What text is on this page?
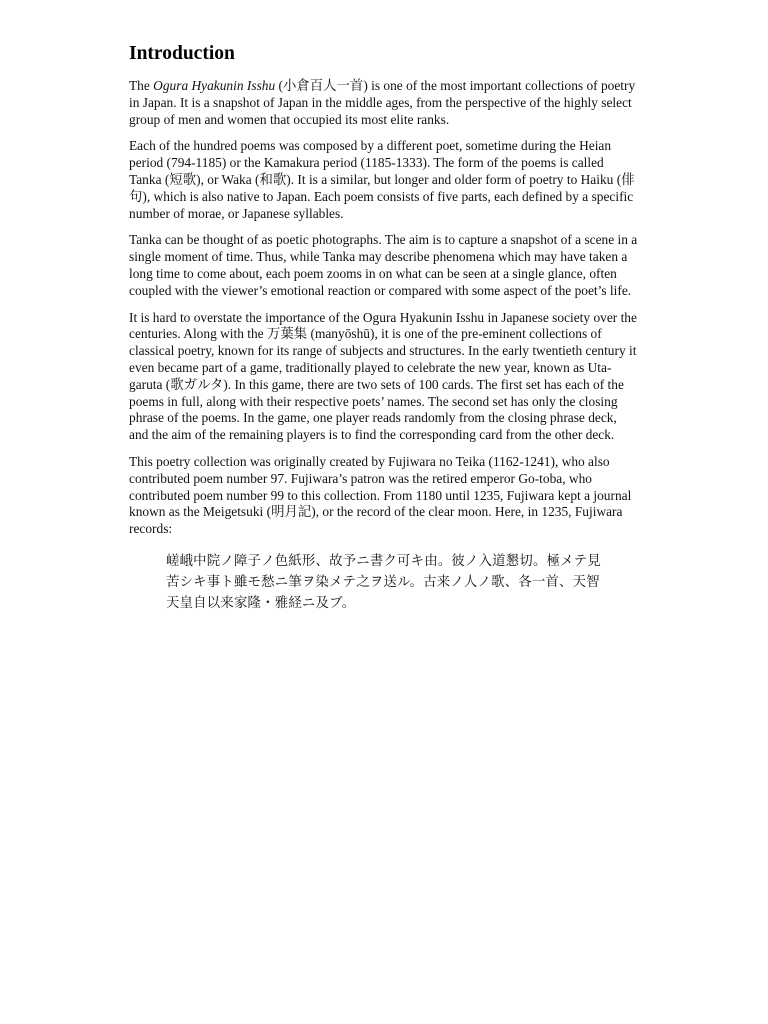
Introduction

The Ogura Hyakunin Isshu (小倉百人一首) is one of the most important collections of poetry in Japan. It is a snapshot of Japan in the middle ages, from the perspective of the highly select group of men and women that occupied its most elite ranks.

Each of the hundred poems was composed by a different poet, sometime during the Heian period (794-1185) or the Kamakura period (1185-1333). The form of the poems is called Tanka (短歌), or Waka (和歌). It is a similar, but longer and older form of poetry to Haiku (俳句), which is also native to Japan. Each poem consists of five parts, each defined by a specific number of morae, or Japanese syllables.

Tanka can be thought of as poetic photographs. The aim is to capture a snapshot of a scene in a single moment of time. Thus, while Tanka may describe phenomena which may have taken a long time to come about, each poem zooms in on what can be seen at a single glance, often coupled with the viewer’s emotional reaction or compared with some aspect of the poet’s life.

It is hard to overstate the importance of the Ogura Hyakunin Isshu in Japanese society over the centuries. Along with the 万葉集 (manyōshū), it is one of the pre-eminent collections of classical poetry, known for its range of subjects and structures. In the early twentieth century it even became part of a game, traditionally played to celebrate the new year, known as Uta-garuta (歌ガルタ). In this game, there are two sets of 100 cards. The first set has each of the poems in full, along with their respective poets’ names. The second set has only the closing phrase of the poems. In the game, one player reads randomly from the closing phrase deck, and the aim of the remaining players is to find the corresponding card from the other deck.

This poetry collection was originally created by Fujiwara no Teika (1162-1241), who also contributed poem number 97. Fujiwara’s patron was the retired emperor Go-toba, who contributed poem number 99 to this collection. From 1180 until 1235, Fujiwara kept a journal known as the Meigetsuki (明月記), or the record of the clear moon. Here, in 1235, Fujiwara records:

嵯峨中院ノ障子ノ色紙形、故予ニ書ク可キ由。彼ノ入道懇切。極メテ見苦シキ事ト雖モ愁ニ筆ヲ染メテ之ヲ送ル。古来ノ人ノ歌、各一首、天智天皇自以来家隆・雅経ニ及ブ。
